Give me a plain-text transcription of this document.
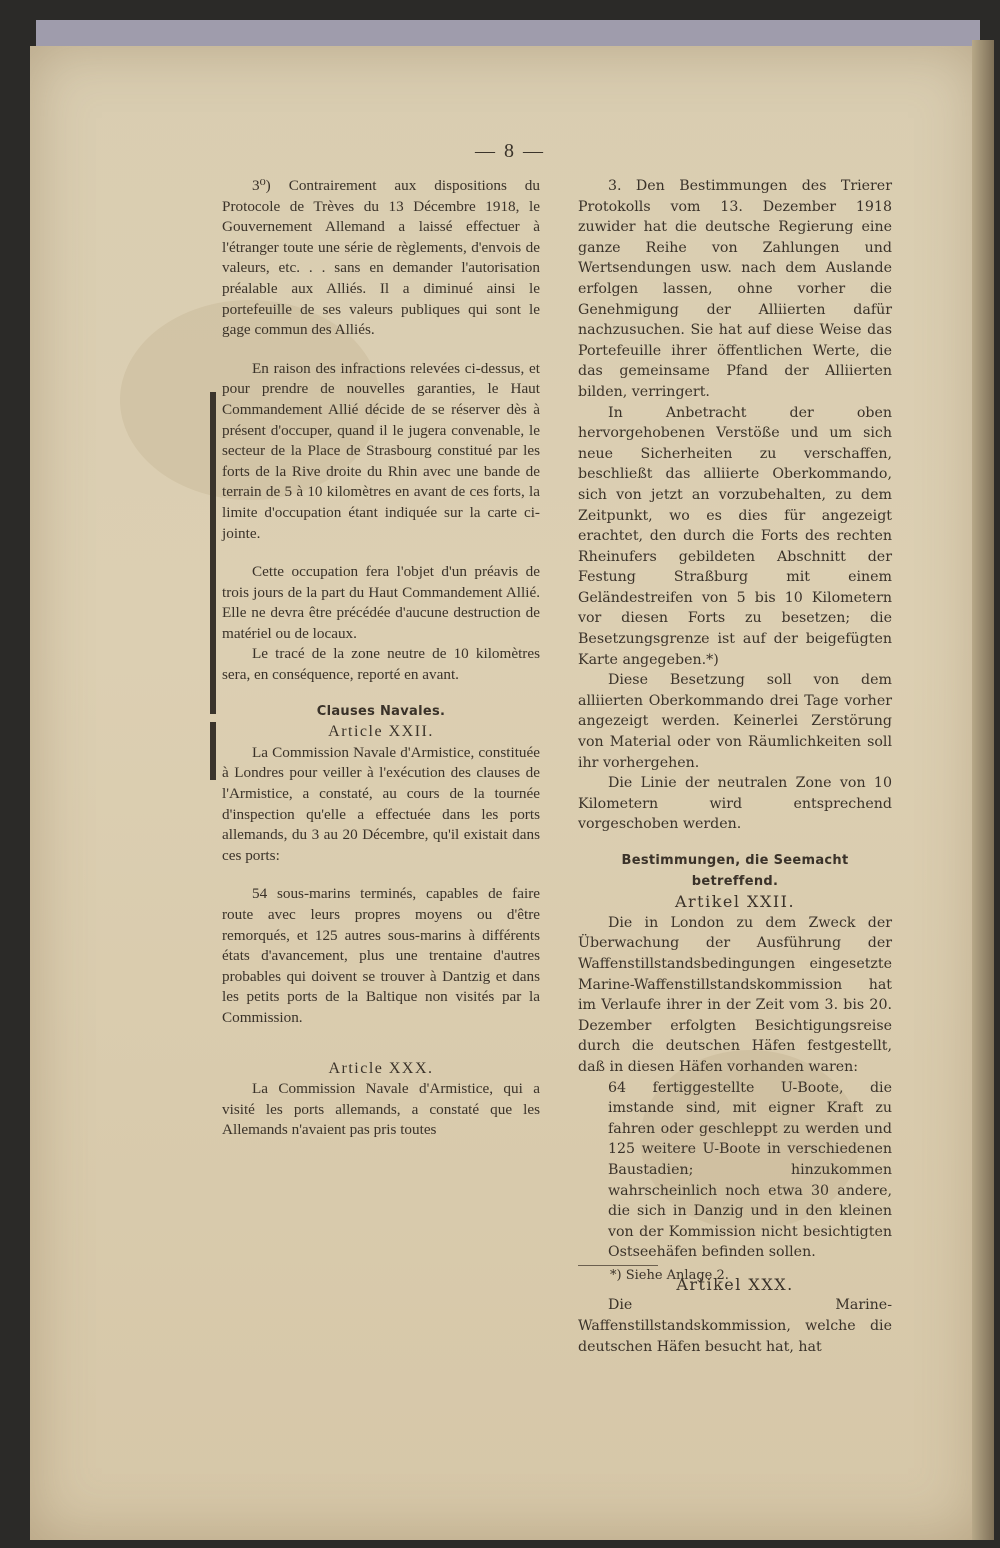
— 8 —

3⁰) Contrairement aux dispositions du Protocole de Trèves du 13 Décembre 1918, le Gouvernement Allemand a laissé effectuer à l'étranger toute une série de règlements, d'envois de valeurs, etc. . . sans en demander l'autorisation préalable aux Alliés. Il a diminué ainsi le portefeuille de ses valeurs publiques qui sont le gage commun des Alliés.

En raison des infractions relevées ci-dessus, et pour prendre de nouvelles garanties, le Haut Commandement Allié décide de se réserver dès à présent d'occuper, quand il le jugera convenable, le secteur de la Place de Strasbourg constitué par les forts de la Rive droite du Rhin avec une bande de terrain de 5 à 10 kilomètres en avant de ces forts, la limite d'occupation étant indiquée sur la carte ci-jointe.

Cette occupation fera l'objet d'un préavis de trois jours de la part du Haut Commandement Allié. Elle ne devra être précédée d'aucune destruction de matériel ou de locaux.

Le tracé de la zone neutre de 10 kilomètres sera, en conséquence, reporté en avant.

Clauses Navales.

Article XXII.

La Commission Navale d'Armistice, constituée à Londres pour veiller à l'exécution des clauses de l'Armistice, a constaté, au cours de la tournée d'inspection qu'elle a effectuée dans les ports allemands, du 3 au 20 Décembre, qu'il existait dans ces ports:

54 sous-marins terminés, capables de faire route avec leurs propres moyens ou d'être remorqués, et 125 autres sous-marins à différents états d'avancement, plus une trentaine d'autres probables qui doivent se trouver à Dantzig et dans les petits ports de la Baltique non visités par la Commission.

Article XXX.

La Commission Navale d'Armistice, qui a visité les ports allemands, a constaté que les Allemands n'avaient pas pris toutes

3. Den Bestimmungen des Trierer Protokolls vom 13. Dezember 1918 zuwider hat die deutsche Regierung eine ganze Reihe von Zahlungen und Wertsendungen usw. nach dem Auslande erfolgen lassen, ohne vorher die Genehmigung der Alliierten dafür nachzusuchen. Sie hat auf diese Weise das Portefeuille ihrer öffentlichen Werte, die das gemeinsame Pfand der Alliierten bilden, verringert.

In Anbetracht der oben hervorgehobenen Verstöße und um sich neue Sicherheiten zu verschaffen, beschließt das alliierte Oberkommando, sich von jetzt an vorzubehalten, zu dem Zeitpunkt, wo es dies für angezeigt erachtet, den durch die Forts des rechten Rheinufers gebildeten Abschnitt der Festung Straßburg mit einem Geländestreifen von 5 bis 10 Kilometern vor diesen Forts zu besetzen; die Besetzungsgrenze ist auf der beigefügten Karte angegeben.*)

Diese Besetzung soll von dem alliierten Oberkommando drei Tage vorher angezeigt werden. Keinerlei Zerstörung von Material oder von Räumlichkeiten soll ihr vorhergehen.

Die Linie der neutralen Zone von 10 Kilometern wird entsprechend vorgeschoben werden.

Bestimmungen, die Seemacht betreffend.

Artikel XXII.

Die in London zu dem Zweck der Überwachung der Ausführung der Waffenstillstandsbedingungen eingesetzte Marine-Waffenstillstandskommission hat im Verlaufe ihrer in der Zeit vom 3. bis 20. Dezember erfolgten Besichtigungsreise durch die deutschen Häfen festgestellt, daß in diesen Häfen vorhanden waren:

64 fertiggestellte U-Boote, die imstande sind, mit eigner Kraft zu fahren oder geschleppt zu werden und 125 weitere U-Boote in verschiedenen Baustadien; hinzukommen wahrscheinlich noch etwa 30 andere, die sich in Danzig und in den kleinen von der Kommission nicht besichtigten Ostseehäfen befinden sollen.

Artikel XXX.

Die Marine-Waffenstillstandskommission, welche die deutschen Häfen besucht hat, hat

*) Siehe Anlage 2.
